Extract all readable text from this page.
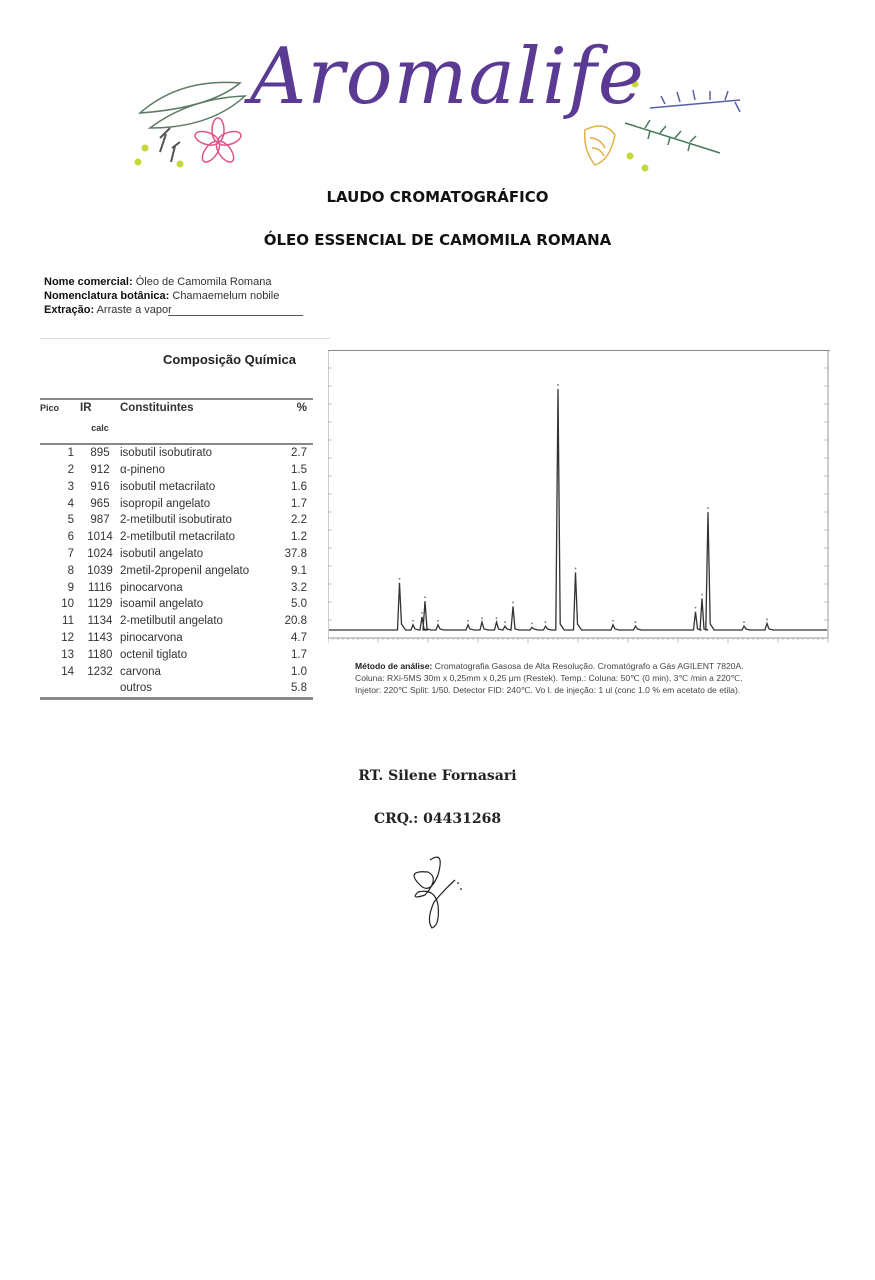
Aromalife
LAUDO CROMATOGRÁFICO
ÓLEO ESSENCIAL DE CAMOMILA ROMANA
Nome comercial: Óleo de Camomila Romana
Nomenclatura botânica: Chamaemelum nobile
Extração: Arraste a vapor
Composição Química
Pico	IR	Constituintes	%
	calc		
1	895	isobutil isobutirato	2.7
2	912	α-pineno	1.5
3	916	isobutil metacrilato	1.6
4	965	isopropil angelato	1.7
5	987	2-metilbutil isobutirato	2.2
6	1014	2-metilbutil metacrilato	1.2
7	1024	isobutil angelato	37.8
8	1039	2metil-2propenil angelato	9.1
9	1116	pinocarvona	3.2
10	1129	isoamil angelato	5.0
11	1134	2-metilbutil angelato	20.8
12	1143	pinocarvona	4.7
13	1180	octenil tiglato	1.7
14	1232	carvona	1.0
		outros	5.8
Método de análise: Cromatografia Gasosa de Alta Resolução. Cromatógrafo a Gás AGILENT 7820A.
Coluna: RXi-5MS 30m x 0,25mm x 0,25 μm (Restek). Temp.: Coluna: 50℃ (0 min), 3℃ /min a 220℃.
Injetor: 220℃ Split: 1/50. Detector FID: 240℃. Vo l. de injeção: 1 ul (conc 1.0 % em acetato de etila).
RT. Silene Fornasari
CRQ.: 04431268
